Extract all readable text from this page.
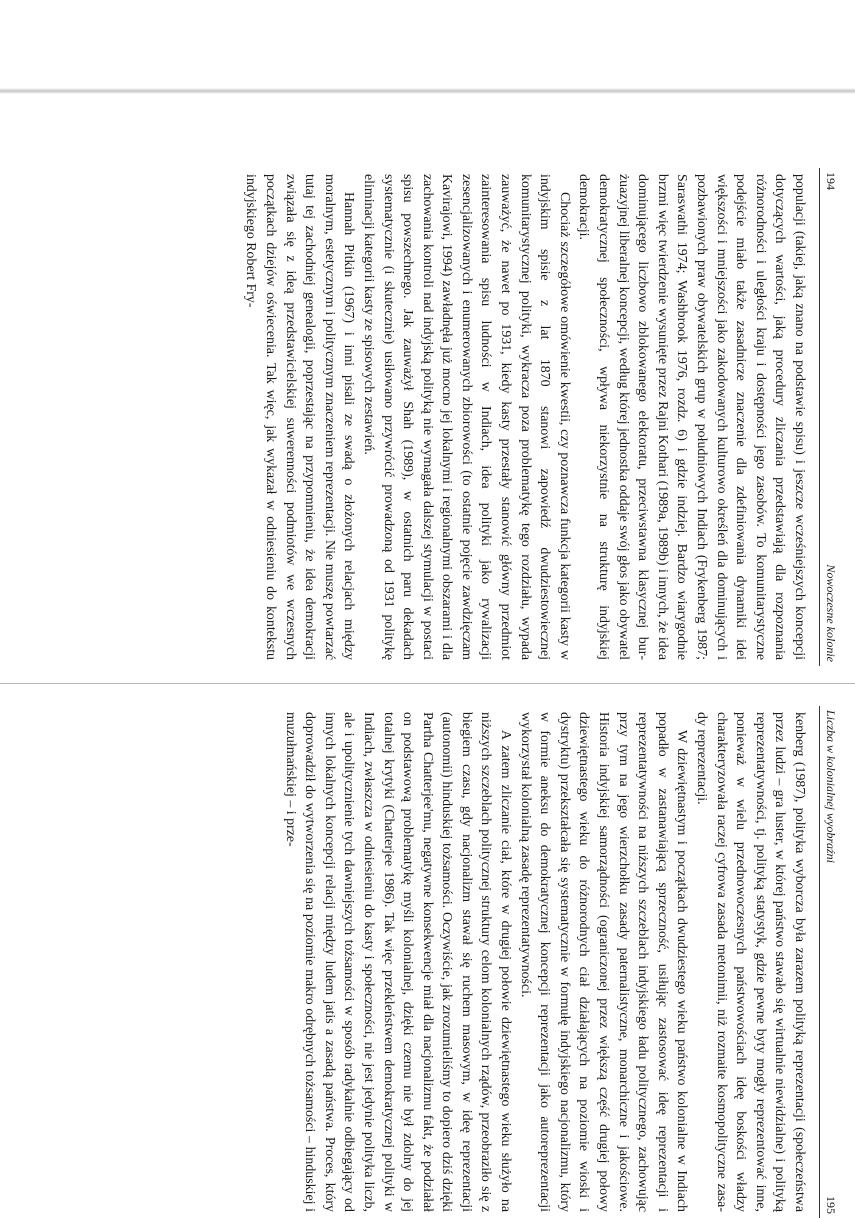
194
Nowoczesne kolonie

populacji (takiej, jaką znano na podstawie spisu) i jeszcze wcześniejszych koncepcji dotyczących wartości, jaką procedury zliczania przedstawiają dla rozpoznania różnorodności i uległości kraju i dostępności jego zasobów. To komunitarystyczne podejście miało także zasadnicze znaczenie dla zdefiniowania dynamiki idei większości i mniejszości jako zakodowanych kulturowo określeń dla dominujących i pozbawionych praw obywatelskich grup w południowych Indiach (Frykenberg 1987; Saraswathi 1974; Washbrook 1976, rozdz. 6) i gdzie indziej. Bardzo wiarygodnie brzmi więc twierdzenie wysunięte przez Rajni Kothari (1989a, 1989b) i innych, że idea dominującego liczbowo zblokowanego elektoratu, przeciwstawna klasycznej burżuazyjnej liberalnej koncepcji, według której jednostka oddaje swój głos jako obywatel demokratycznej społeczności, wpływa niekorzystnie na strukturę indyjskiej demokracji.

Chociaż szczegółowe omówienie kwestii, czy poznawcza funkcja kategorii kasty w indyjskim spisie z lat 1870 stanowi zapowiedź dwudziestowiecznej komunitarystycznej polityki, wykracza poza problematykę tego rozdziału, wypada zauważyć, że nawet po 1931, kiedy kasty przestały stanowić główny przedmiot zainteresowania spisu ludności w Indiach, idea polityki jako rywalizacji zesencjalizowanych i enumerowanych zbiorowości (to ostatnie pojęcie zawdzięczam Kavirajowi, 1994) zawładnęła już mocno jej lokalnymi i regionalnymi obszarami i dla zachowania kontroli nad indyjską polityką nie wymagała dalszej stymulacji w postaci spisu powszechnego. Jak zauważył Shah (1989), w ostatnich paru dekadach systematycznie (i skutecznie) usiłowano przywrócić prowadzoną od 1931 politykę eliminacji kategorii kasty ze spisowych zestawień.

Hannah Pitkin (1967) i inni pisali ze swadą o złożonych relacjach między moralnym, estetycznym i politycznym znaczeniem reprezentacji. Nie muszę powtarzać tutaj tej zachodniej genealogii, poprzestając na przypomnieniu, że idea demokracji związała się z ideą przedstawicielskiej suwerenności podmiotów we wczesnych początkach dziejów oświecenia. Tak więc, jak wykazał w odniesieniu do kontekstu indyjskiego Robert Fry-

Liczba w kolonialnej wyobraźni
195

kenberg (1987), polityka wyborcza była zarazem polityką reprezentacji (społeczeństwa przez ludzi – gra luster, w której państwo stawało się wirtualnie niewidzialne) i polityką reprezentatywności, tj. polityką statystyk, gdzie pewne byty mogły reprezentować inne, ponieważ w wielu przednowoczesnych państwowościach ideę boskości władzy charakteryzowała raczej cyfrowa zasada metonimii, niż rozmaite kosmopolityczne zasady reprezentacji.

W dziewiętnastym i początkach dwudziestego wieku państwo kolonialne w Indiach popadło w zastanawiającą sprzeczność, usiłując zastosować ideę reprezentacji i reprezentatywności na niższych szczeblach indyjskiego ładu politycznego, zachowując przy tym na jego wierzchołku zasady paternalistyczne, monarchiczne i jakościowe. Historia indyjskiej samorządności (ograniczonej przez większą część drugiej połowy dziewiętnastego wieku do różnorodnych ciał działających na poziomie wioski i dystryktu) przekształcała się systematycznie w formułę indyjskiego nacjonalizmu, który w formie aneksu do demokratycznej koncepcji reprezentacji jako autoreprezentacji wykorzystał kolonialną zasadę reprezentatywności.

A zatem zliczanie ciał, które w drugiej połowie dziewiętnastego wieku służyło na niższych szczeblach politycznej struktury celom kolonialnych rządów, przeobraziło się z biegiem czasu, gdy nacjonalizm stawał się ruchem masowym, w ideę reprezentacji (autonomii) hinduskiej tożsamości. Oczywiście, jak zrozumieliśmy to dopiero dziś dzięki Partha Chatterjee'mu, negatywne konsekwencje miał dla nacjonalizmu fakt, że podziałał on podstawową problematykę myśli kolonialnej, dzięki czemu nie był zdolny do jej totalnej krytyki (Chatterjee 1986). Tak więc przekleństwem demokratycznej polityki w Indiach, zwłaszcza w odniesieniu do kasty i społeczności, nie jest jedynie polityka liczb, ale i upolitycznienie tych dawniejszych tożsamości w sposób radykalnie odbiegający od innych lokalnych koncepcji relacji między ludem jatis a zasadą państwa. Proces, który doprowadził do wytworzenia się na poziomie makro odrębnych tożsamości – hinduskiej i muzułmańskiej – i prze-
